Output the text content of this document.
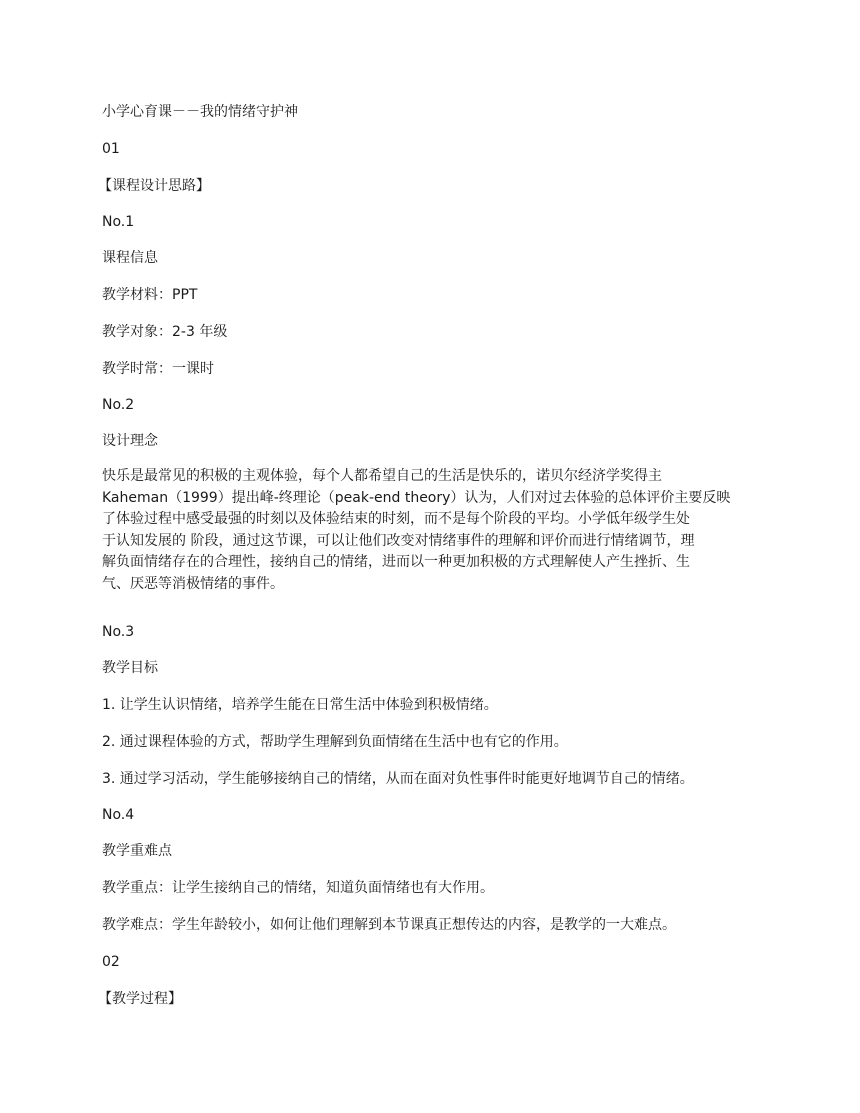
小学心育课－－我的情绪守护神

01

【课程设计思路】

No.1

课程信息

教学材料：PPT

教学对象：2-3 年级

教学时常：一课时

No.2

设计理念

快乐是最常见的积极的主观体验，每个人都希望自己的生活是快乐的，诺贝尔经济学奖得主
Kaheman（1999）提出峰-终理论（peak-end theory）认为，人们对过去体验的总体评价主要反映
了体验过程中感受最强的时刻以及体验结束的时刻，而不是每个阶段的平均。小学低年级学生处
于认知发展的 阶段，通过这节课，可以让他们改变对情绪事件的理解和评价而进行情绪调节，理
解负面情绪存在的合理性，接纳自己的情绪，进而以一种更加积极的方式理解使人产生挫折、生
气、厌恶等消极情绪的事件。

No.3

教学目标

1. 让学生认识情绪，培养学生能在日常生活中体验到积极情绪。

2. 通过课程体验的方式，帮助学生理解到负面情绪在生活中也有它的作用。

3. 通过学习活动，学生能够接纳自己的情绪，从而在面对负性事件时能更好地调节自己的情绪。

No.4

教学重难点

教学重点：让学生接纳自己的情绪，知道负面情绪也有大作用。

教学难点：学生年龄较小，如何让他们理解到本节课真正想传达的内容，是教学的一大难点。

02

【教学过程】
